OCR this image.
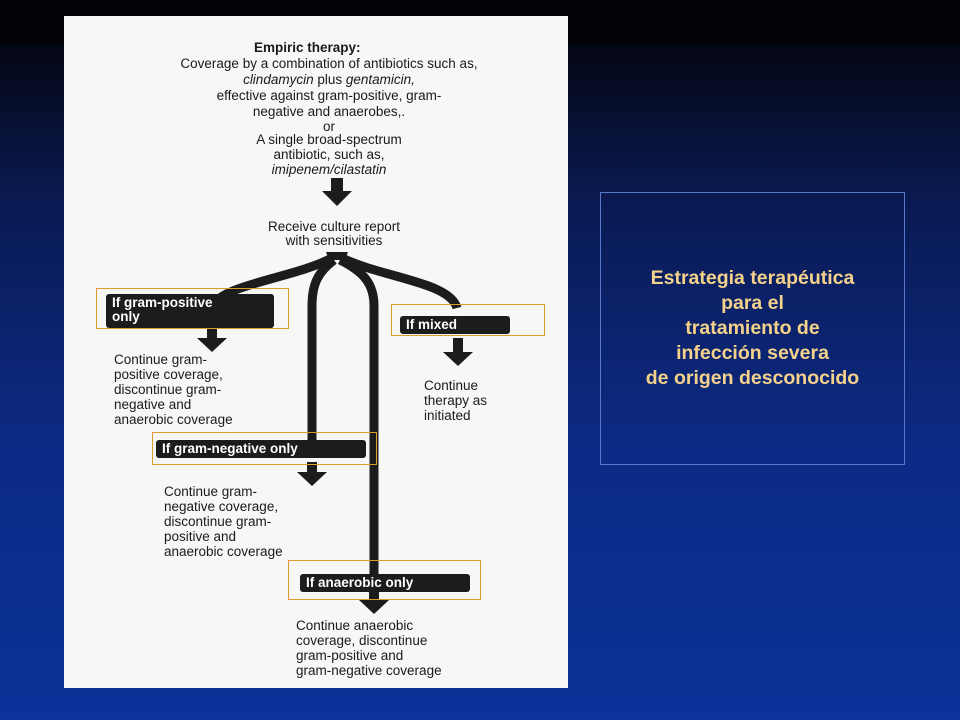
Empiric therapy:
Coverage by a combination of antibiotics such as,
clindamycin plus gentamicin,
effective against gram-positive, gram-
negative and anaerobes,.
or
A single broad-spectrum
antibiotic, such as,
imipenem/cilastatin
Receive culture report
with sensitivities
If gram-positive
only
If mixed
Continue gram-
positive coverage,
discontinue gram-
negative and
anaerobic coverage
Continue
therapy as
initiated
If gram-negative only
Continue gram-
negative coverage,
discontinue gram-
positive and
anaerobic coverage
If anaerobic only
Continue anaerobic
coverage, discontinue
gram-positive and
gram-negative coverage
Estrategia terapéutica
para el
tratamiento de
infección severa
de origen desconocido
